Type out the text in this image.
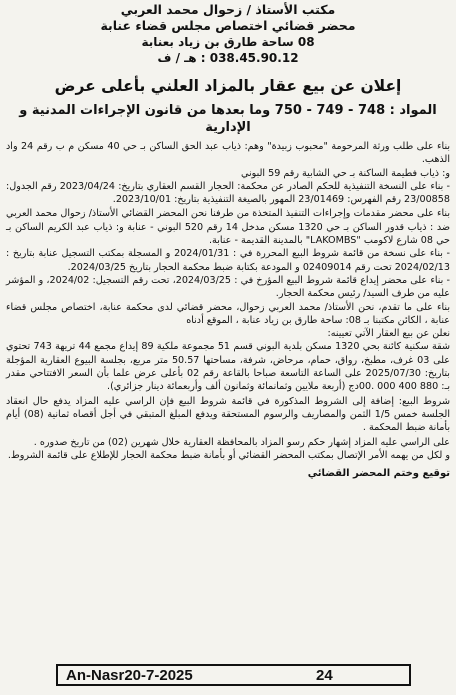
مكتب الأستاذ / زحوال محمد العربي
محضر قضائي اختصاص مجلس قضاء عنابة
08 ساحة طارق بن زياد بعنابة
038.45.90.12 : هـ / ف
إعلان عن بيع عقار بالمزاد العلني بأعلى عرض
المواد : 748 - 749 - 750 وما بعدها من قانون الإجراءات المدنية و الإدارية

بناء على طلب ورثة المرحومة "محبوب زبيدة" وهم: ذياب عبد الحق الساكن بـ حي 40 مسكن م ب رقم 24 واد الذهب.

و: ذياب فطيمة الساكنة بـ حي الشابية رقم 59 البوني

- بناء على النسخة التنفيذية للحكم الصادر عن محكمة: الحجار القسم العقاري بتاريخ: 2023/04/24 رقم الجدول: 23/00858 رقم الفهرس: 23/01469 المهور بالصيغة التنفيذية بتاريخ: 2023/10/01.

بناء على محضر مقدمات وإجراءات التنفيذ المتخذة من طرفنا نحن المحضر القضائي الأستاذ/ زحوال محمد العربي ضد : ذياب قدور الساكن بـ حي 1320 مسكن مدخل 14 رقم 520 البوني - عنابة و: ذياب عبد الكريم الساكن بـ حي 08 شارع لاكومب "LAKOMBS" بالمدينة القديمة - عنابة.

- بناء على نسخة من قائمة شروط البيع المحررة في : 2024/01/31 و المسجلة بمكتب التسجيل عنابة بتاريخ : 2024/02/13 تحت رقم 02409014 و المودعة بكتابة ضبط محكمة الحجار بتاريخ 2024/03/25.

- بناء على محضر إيداع قائمة شروط البيع المؤرخ في : 2024/03/25، تحت رقم التسجيل: 2024/02، و المؤشر عليه من طرف السيد/ رئيس محكمة الحجار.

بناء على ما تقدم، نحن الأستاذ/ محمد العربي زحوال، محضر قضائي لدى محكمة عنابة، اختصاص مجلس قضاء عنابة ، الكائن مكتبنا بـ 08: ساحة طارق بن زياد عنابة ، الموقع أدناه

نعلن عن بيع العقار الآتي تعيينه:

شقة سكنية كائنة بحي 1320 مسكن بلدية البوني قسم 51 مجموعة ملكية 89 إيداع مجمع 44 تريهة 743 تحتوي على 03 غرف، مطبخ، رواق، حمام، مرحاض، شرفة، مساحتها 50.57 متر مربع، بجلسة البيوع العقارية المؤجلة بتاريخ: 2025/07/30 على الساعة التاسعة صباحا بالقاعة رقم 02 بأعلى عرض علما بأن السعر الافتتاحي مقدر بـ: 880 400 000 .00دج (أربعة ملايين وثمانمائة وثمانون ألف وأربعمائة دينار جزائري).

شروط البيع: إضافة إلى الشروط المذكورة في قائمة شروط البيع فإن الراسي عليه المزاد يدفع حال انعقاد الجلسة خمس 1/5 الثمن والمصاريف والرسوم المستحقة ويدفع المبلغ المتبقي في أجل أقصاه ثمانية (08) أيام بأمانة ضبط المحكمة .

على الراسي عليه المزاد إشهار حكم رسو المزاد بالمحافظة العقارية خلال شهرين (02) من تاريخ صدوره .

و لكل من يهمه الأمر الإتصال بمكتب المحضر القضائي أو بأمانة ضبط محكمة الحجار للإطلاع على قائمة الشروط.

توقيع وختم المحضر القضائي
An-Nasr20-7-2025	24
